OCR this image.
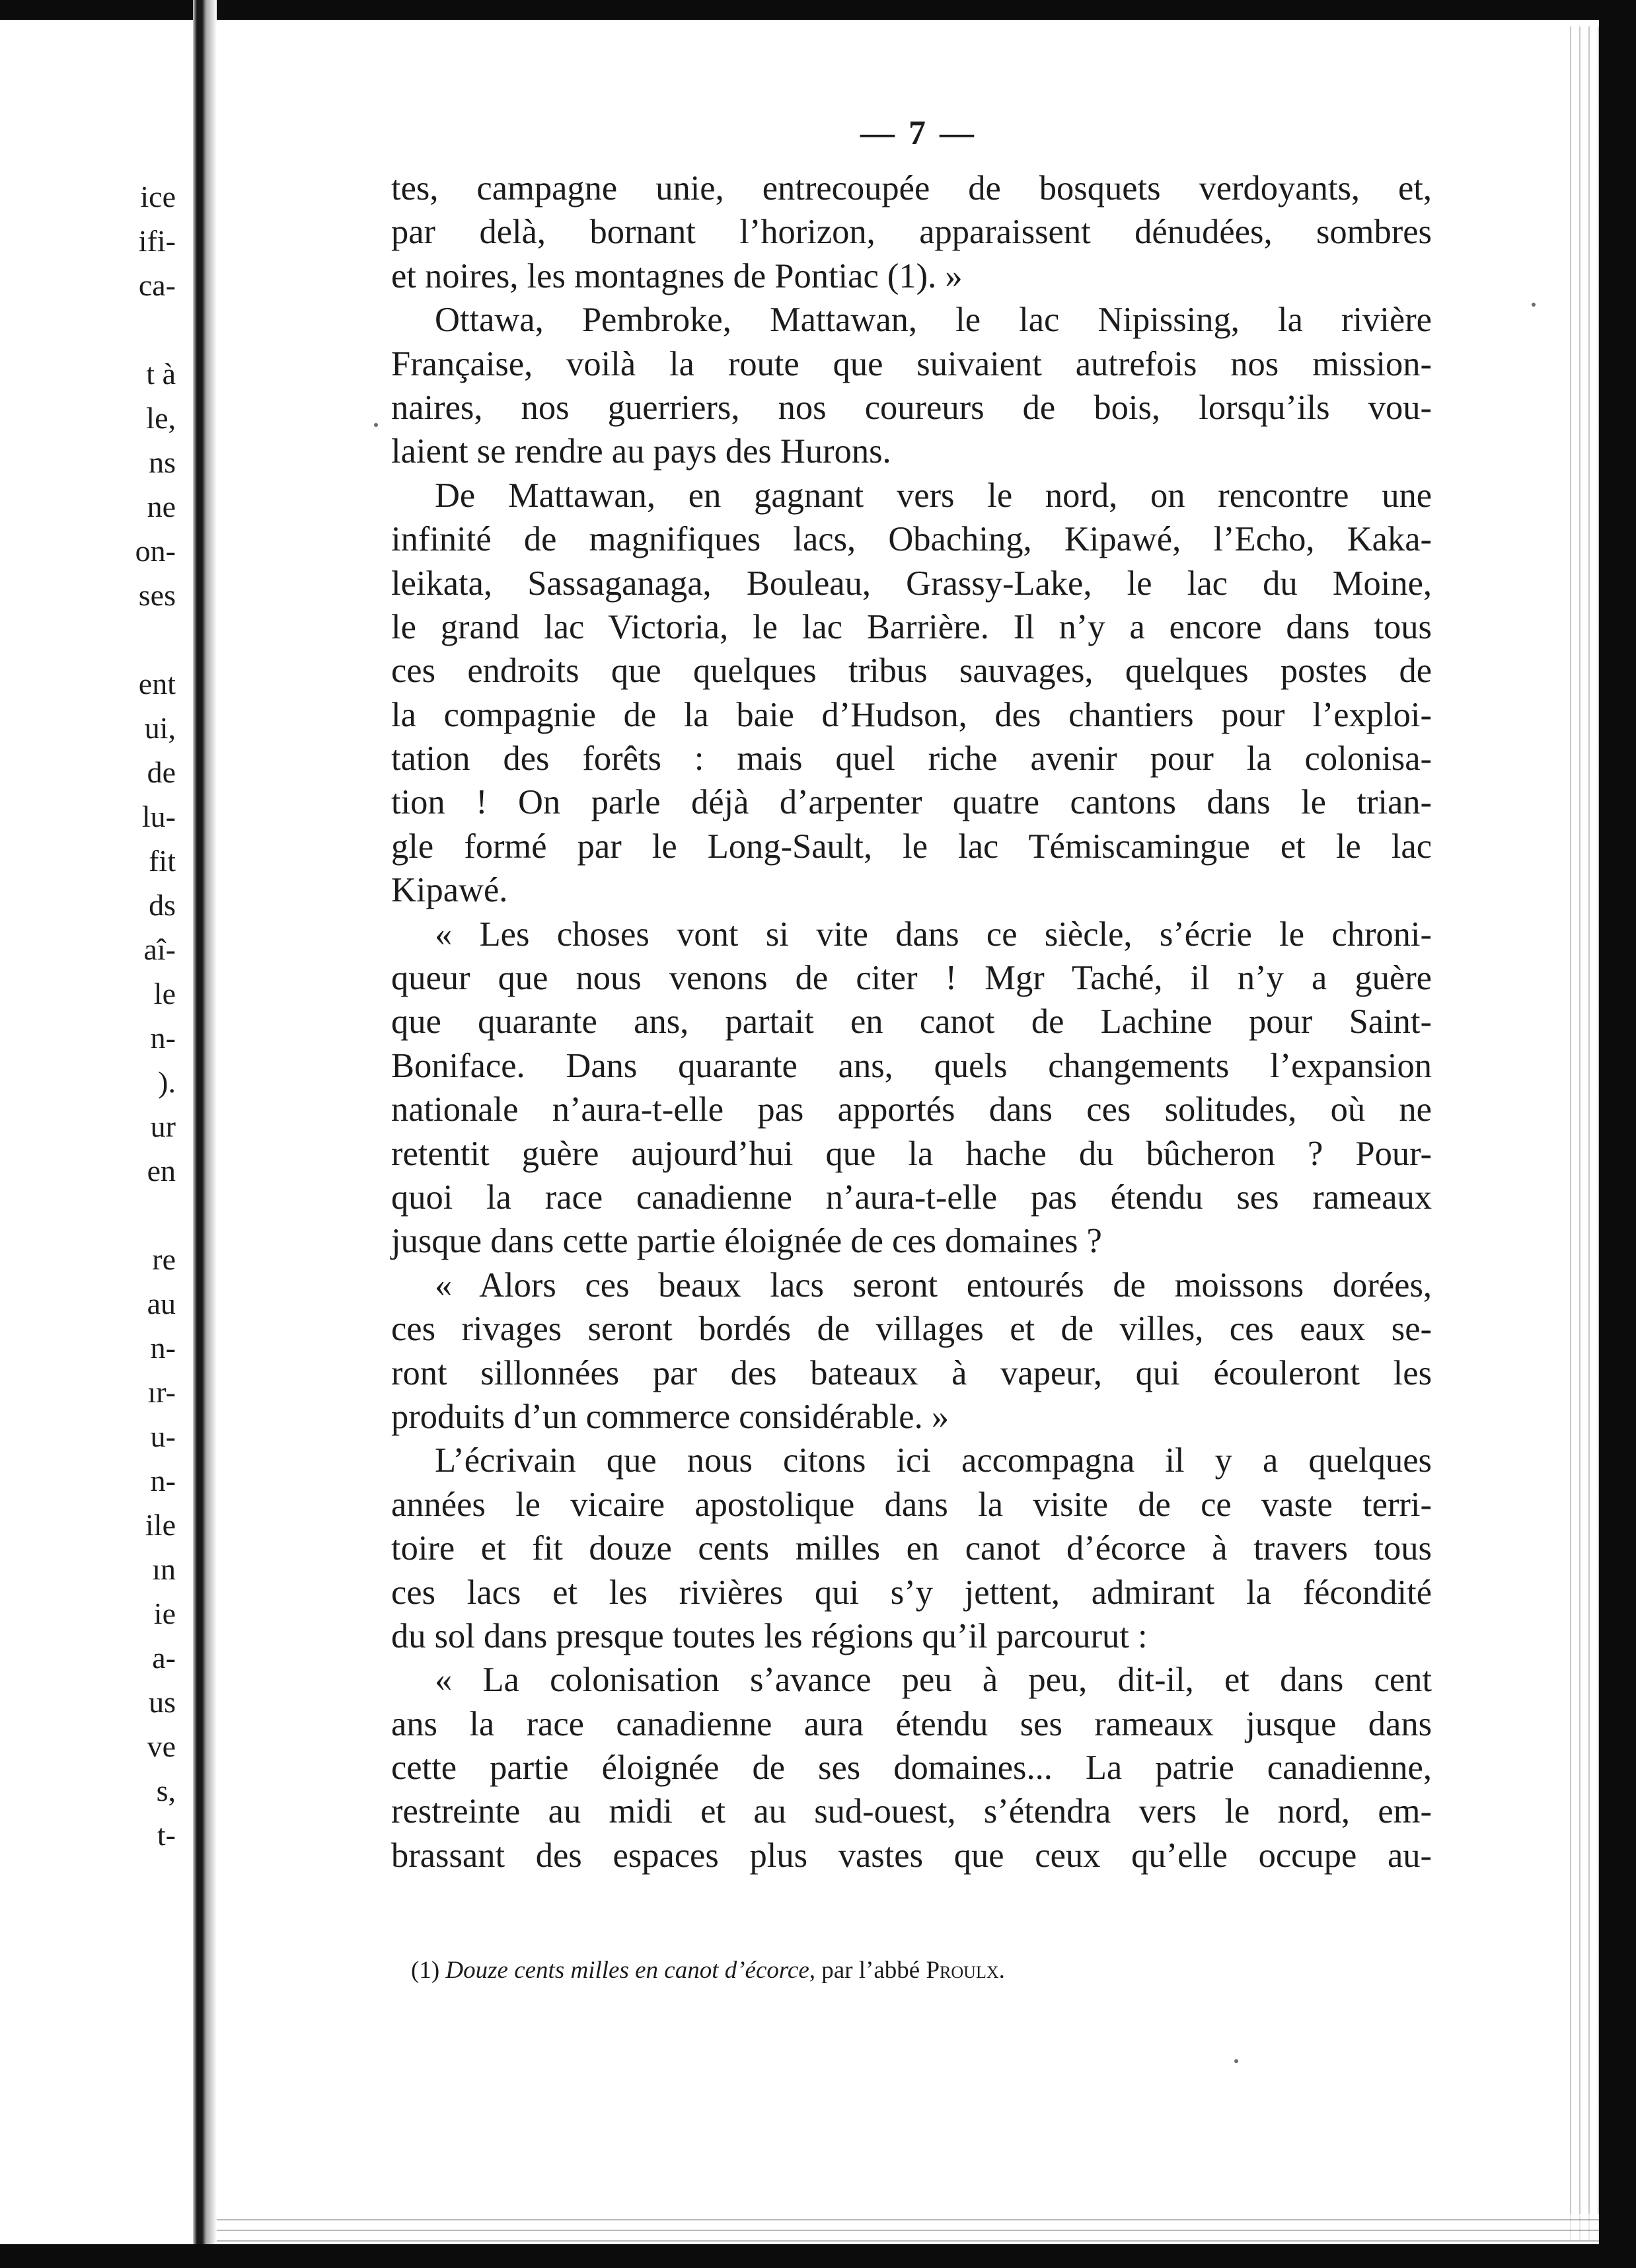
ice
ifi-
ca-
t à
le,
ns
ne
on-
ses
ent
ui,
de
lu-
fit
ds
aî-
le
n-
).
ur
en
re
au
n-
ır-
u-
n-
ile
ın
ie
a-
us
ve
s,
t-
— 7 —
tes, campagne unie, entrecoupée de bosquets verdoyants, et,
par delà, bornant l’horizon, apparaissent dénudées, sombres
et noires, les montagnes de Pontiac (1). »
Ottawa, Pembroke, Mattawan, le lac Nipissing, la rivière
Française, voilà la route que suivaient autrefois nos mission-
naires, nos guerriers, nos coureurs de bois, lorsqu’ils vou-
laient se rendre au pays des Hurons.
De Mattawan, en gagnant vers le nord, on rencontre une
infinité de magnifiques lacs, Obaching, Kipawé, l’Echo, Kaka-
leikata, Sassaganaga, Bouleau, Grassy-Lake, le lac du Moine,
le grand lac Victoria, le lac Barrière. Il n’y a encore dans tous
ces endroits que quelques tribus sauvages, quelques postes de
la compagnie de la baie d’Hudson, des chantiers pour l’exploi-
tation des forêts : mais quel riche avenir pour la colonisa-
tion ! On parle déjà d’arpenter quatre cantons dans le trian-
gle formé par le Long-Sault, le lac Témiscamingue et le lac
Kipawé.
« Les choses vont si vite dans ce siècle, s’écrie le chroni-
queur que nous venons de citer ! Mgr Taché, il n’y a guère
que quarante ans, partait en canot de Lachine pour Saint-
Boniface. Dans quarante ans, quels changements l’expansion
nationale n’aura-t-elle pas apportés dans ces solitudes, où ne
retentit guère aujourd’hui que la hache du bûcheron ? Pour-
quoi la race canadienne n’aura-t-elle pas étendu ses rameaux
jusque dans cette partie éloignée de ces domaines ?
« Alors ces beaux lacs seront entourés de moissons dorées,
ces rivages seront bordés de villages et de villes, ces eaux se-
ront sillonnées par des bateaux à vapeur, qui écouleront les
produits d’un commerce considérable. »
L’écrivain que nous citons ici accompagna il y a quelques
années le vicaire apostolique dans la visite de ce vaste terri-
toire et fit douze cents milles en canot d’écorce à travers tous
ces lacs et les rivières qui s’y jettent, admirant la fécondité
du sol dans presque toutes les régions qu’il parcourut :
« La colonisation s’avance peu à peu, dit-il, et dans cent
ans la race canadienne aura étendu ses rameaux jusque dans
cette partie éloignée de ses domaines... La patrie canadienne,
restreinte au midi et au sud-ouest, s’étendra vers le nord, em-
brassant des espaces plus vastes que ceux qu’elle occupe au-
(1) Douze cents milles en canot d’écorce, par l’abbé Proulx.
